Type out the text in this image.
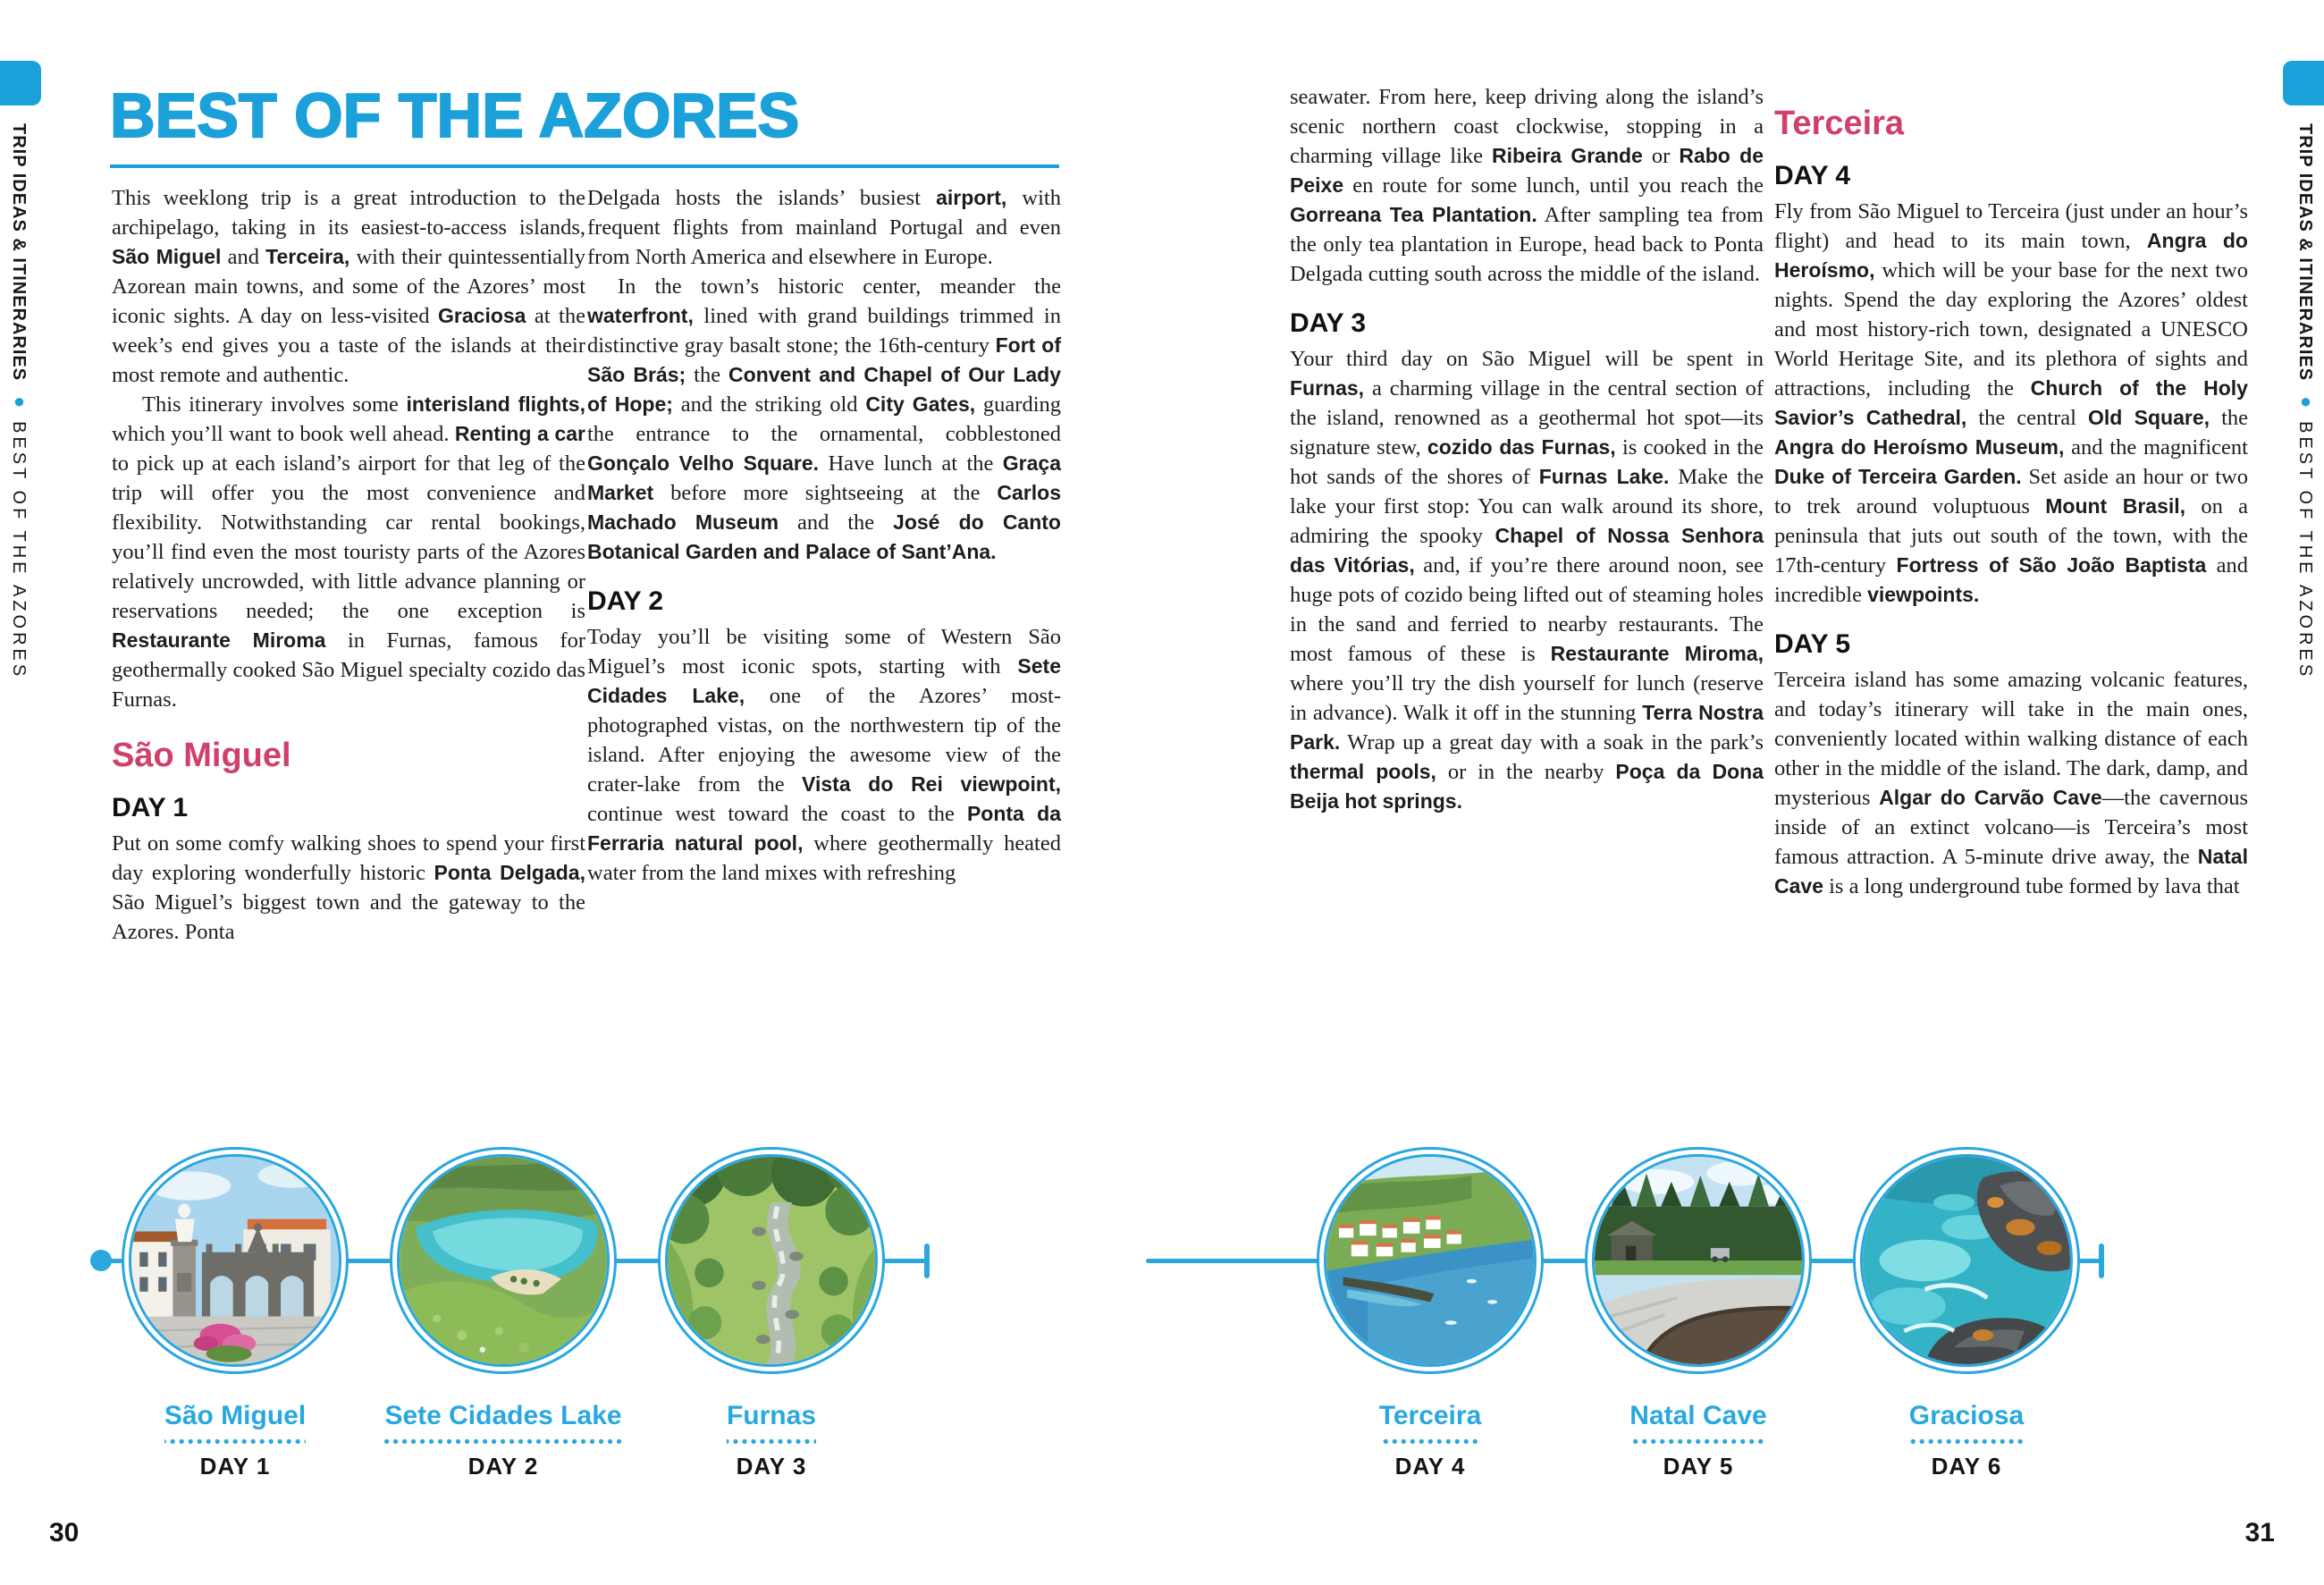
TRIP IDEAS & ITINERARIES●BEST OF THE AZORES
TRIP IDEAS & ITINERARIES●BEST OF THE AZORES
BEST OF THE AZORES

This weeklong trip is a great introduction to the archipelago, taking in its easiest-to-access islands, São Miguel and Terceira, with their quintessentially Azorean main towns, and some of the Azores’ most iconic sights. A day on less-visited Graciosa at the week’s end gives you a taste of the islands at their most remote and authentic.

This itinerary involves some interisland flights, which you’ll want to book well ahead. Renting a car to pick up at each island’s airport for that leg of the trip will offer you the most convenience and flexibility. Notwithstanding car rental bookings, you’ll find even the most touristy parts of the Azores relatively uncrowded, with little advance planning or reservations needed; the one exception is Restaurante Miroma in Furnas, famous for geothermally cooked São Miguel specialty cozido das Furnas.

São Miguel
DAY 1

Put on some comfy walking shoes to spend your first day exploring wonderfully historic Ponta Delgada, São Miguel’s biggest town and the gateway to the Azores. Ponta

Delgada hosts the islands’ busiest airport, with frequent flights from mainland Portugal and even from North America and elsewhere in Europe.

In the town’s historic center, meander the waterfront, lined with grand buildings trimmed in distinctive gray basalt stone; the 16th-century Fort of São Brás; the Convent and Chapel of Our Lady of Hope; and the striking old City Gates, guarding the entrance to the ornamental, cobblestoned Gonçalo Velho Square. Have lunch at the Graça Market before more sightseeing at the Carlos Machado Museum and the José do Canto Botanical Garden and Palace of Sant’Ana.

DAY 2

Today you’ll be visiting some of Western São Miguel’s most iconic spots, starting with Sete Cidades Lake, one of the Azores’ most-photographed vistas, on the northwestern tip of the island. After enjoying the awesome view of the crater-lake from the Vista do Rei viewpoint, continue west toward the coast to the Ponta da Ferraria natural pool, where geothermally heated water from the land mixes with refreshing

seawater. From here, keep driving along the island’s scenic northern coast clockwise, stopping in a charming village like Ribeira Grande or Rabo de Peixe en route for some lunch, until you reach the Gorreana Tea Plantation. After sampling tea from the only tea plantation in Europe, head back to Ponta Delgada cutting south across the middle of the island.

DAY 3

Your third day on São Miguel will be spent in Furnas, a charming village in the central section of the island, renowned as a geothermal hot spot—its signature stew, cozido das Furnas, is cooked in the hot sands of the shores of Furnas Lake. Make the lake your first stop: You can walk around its shore, admiring the spooky Chapel of Nossa Senhora das Vitórias, and, if you’re there around noon, see huge pots of cozido being lifted out of steaming holes in the sand and ferried to nearby restaurants. The most famous of these is Restaurante Miroma, where you’ll try the dish yourself for lunch (reserve in advance). Walk it off in the stunning Terra Nostra Park. Wrap up a great day with a soak in the park’s thermal pools, or in the nearby Poça da Dona Beija hot springs.

Terceira
DAY 4

Fly from São Miguel to Terceira (just under an hour’s flight) and head to its main town, Angra do Heroísmo, which will be your base for the next two nights. Spend the day exploring the Azores’ oldest and most history-rich town, designated a UNESCO World Heritage Site, and its plethora of sights and attractions, including the Church of the Holy Savior’s Cathedral, the central Old Square, the Angra do Heroísmo Museum, and the magnificent Duke of Terceira Garden. Set aside an hour or two to trek around voluptuous Mount Brasil, on a peninsula that juts out south of the town, with the 17th-century Fortress of São João Baptista and incredible viewpoints.

DAY 5

Terceira island has some amazing volcanic features, and today’s itinerary will take in the main ones, conveniently located within walking distance of each other in the middle of the island. The dark, damp, and mysterious Algar do Carvão Cave—the cavernous inside of an extinct volcano—is Terceira’s most famous attraction. A 5-minute drive away, the Natal Cave is a long underground tube formed by lava that

São Miguel
DAY 1
Sete Cidades Lake
DAY 2
Furnas
DAY 3
Terceira
DAY 4
Natal Cave
DAY 5
Graciosa
DAY 6
30	31
